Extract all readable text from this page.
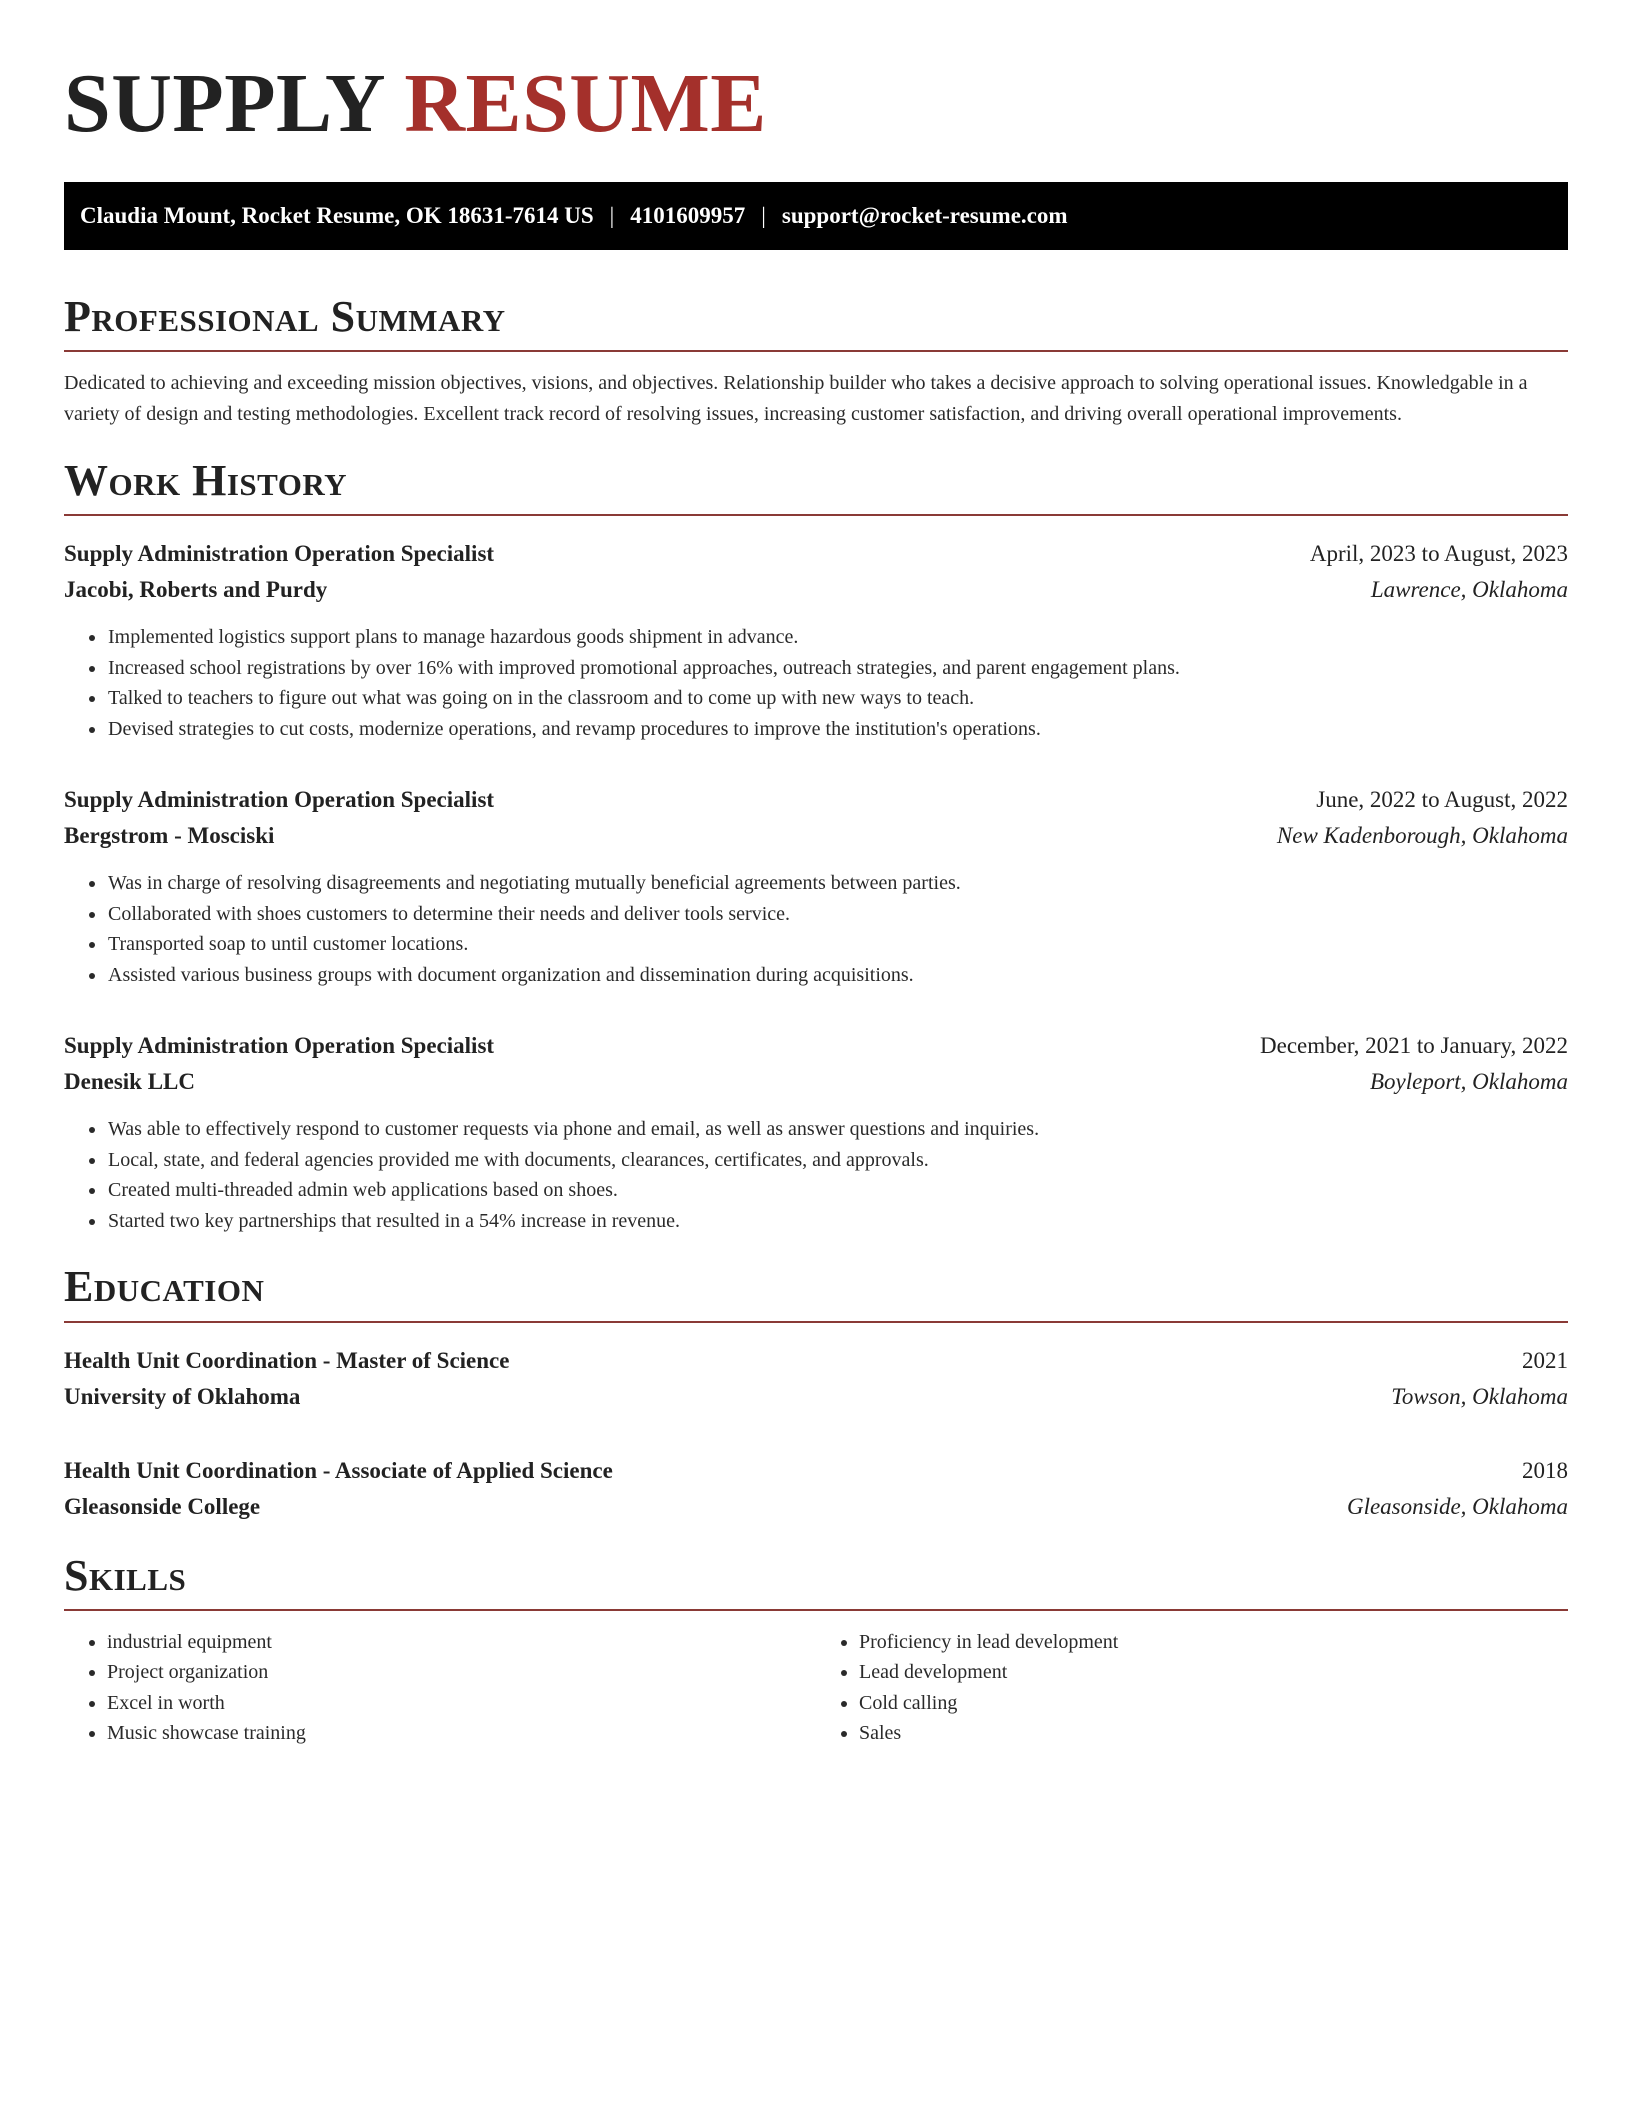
SUPPLY RESUME
Claudia Mount, Rocket Resume, OK 18631-7614 US | 4101609957 | support@rocket-resume.com
Professional Summary

Dedicated to achieving and exceeding mission objectives, visions, and objectives. Relationship builder who takes a decisive approach to solving operational issues. Knowledgable in a variety of design and testing methodologies. Excellent track record of resolving issues, increasing customer satisfaction, and driving overall operational improvements.

Work History
Supply Administration Operation Specialist	April, 2023 to August, 2023
Jacobi, Roberts and Purdy	Lawrence, Oklahoma
• Implemented logistics support plans to manage hazardous goods shipment in advance.
• Increased school registrations by over 16% with improved promotional approaches, outreach strategies, and parent engagement plans.
• Talked to teachers to figure out what was going on in the classroom and to come up with new ways to teach.
• Devised strategies to cut costs, modernize operations, and revamp procedures to improve the institution's operations.
Supply Administration Operation Specialist	June, 2022 to August, 2022
Bergstrom - Mosciski	New Kadenborough, Oklahoma
• Was in charge of resolving disagreements and negotiating mutually beneficial agreements between parties.
• Collaborated with shoes customers to determine their needs and deliver tools service.
• Transported soap to until customer locations.
• Assisted various business groups with document organization and dissemination during acquisitions.
Supply Administration Operation Specialist	December, 2021 to January, 2022
Denesik LLC	Boyleport, Oklahoma
• Was able to effectively respond to customer requests via phone and email, as well as answer questions and inquiries.
• Local, state, and federal agencies provided me with documents, clearances, certificates, and approvals.
• Created multi-threaded admin web applications based on shoes.
• Started two key partnerships that resulted in a 54% increase in revenue.
Education
Health Unit Coordination - Master of Science	2021
University of Oklahoma	Towson, Oklahoma
Health Unit Coordination - Associate of Applied Science	2018
Gleasonside College	Gleasonside, Oklahoma
Skills
• industrial equipment
• Project organization
• Excel in worth
• Music showcase training
• Proficiency in lead development
• Lead development
• Cold calling
• Sales
